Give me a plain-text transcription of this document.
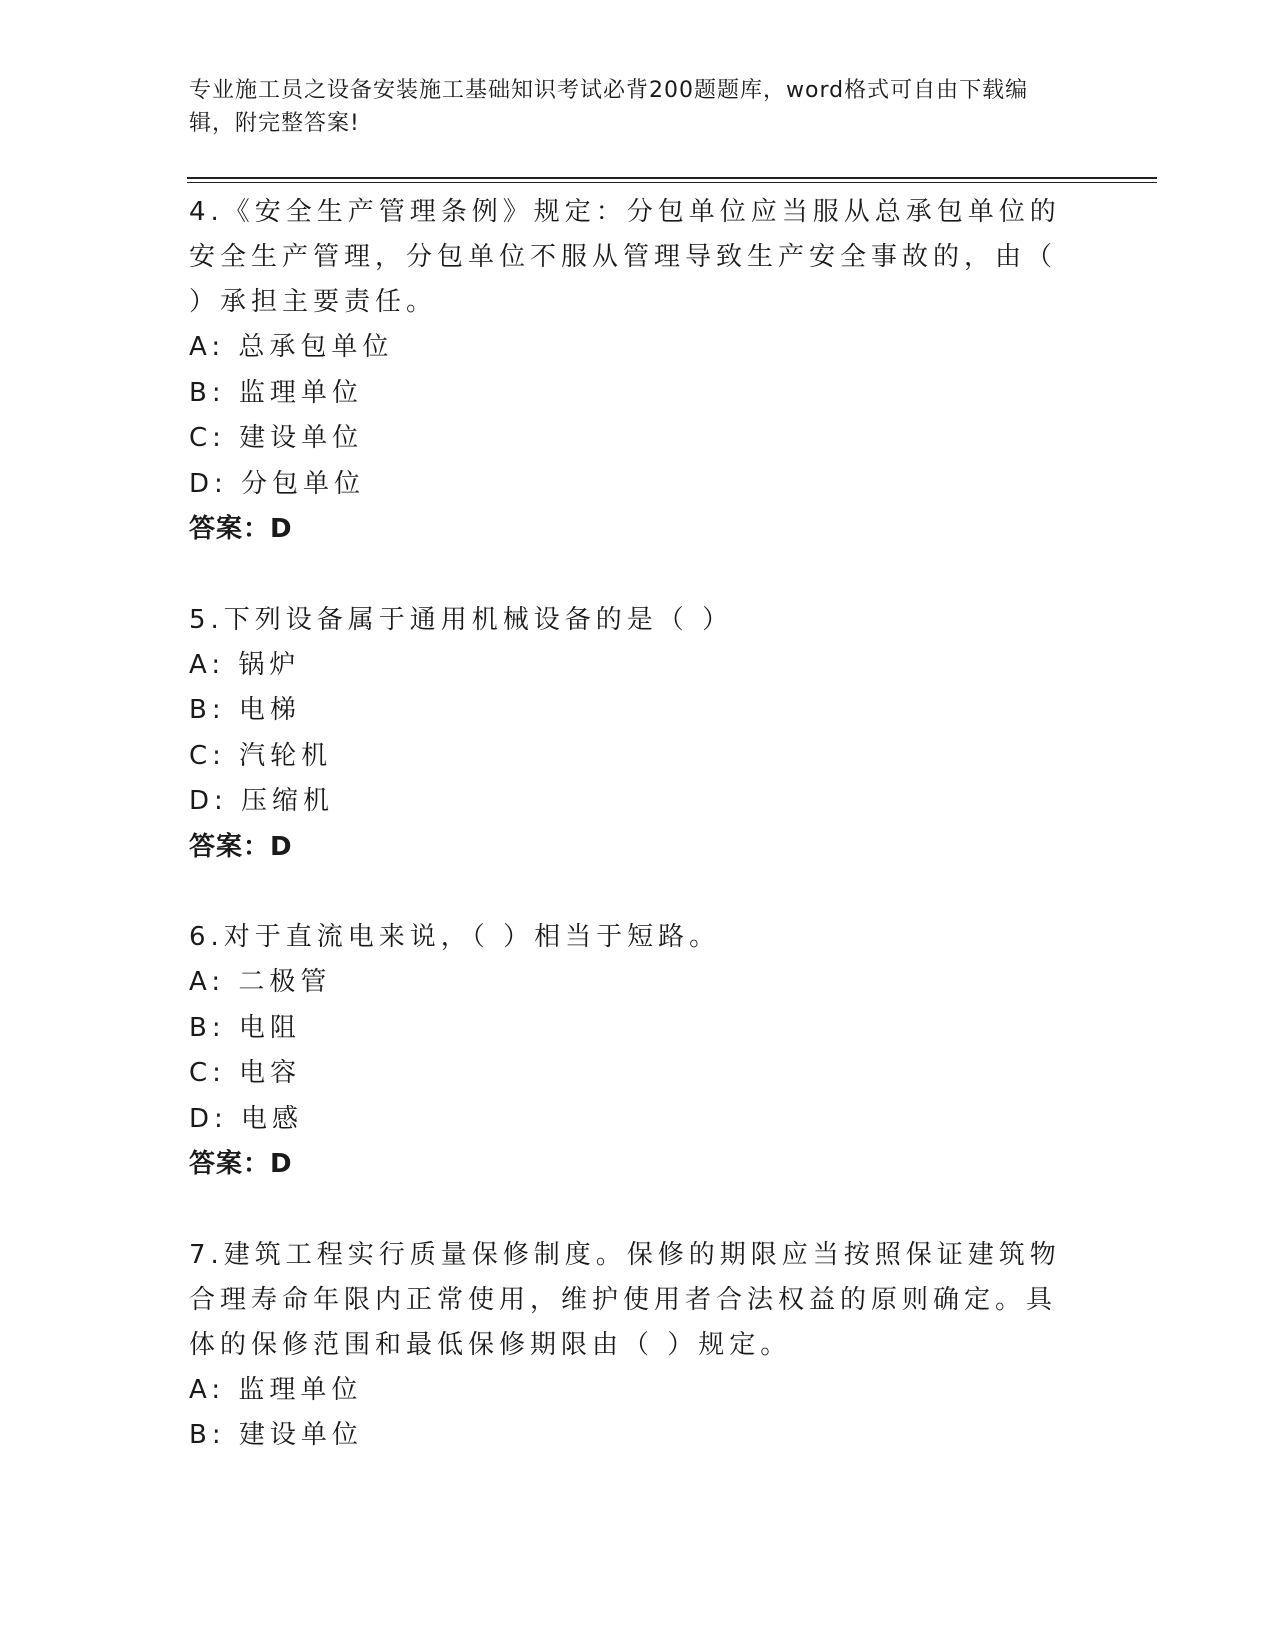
专业施工员之设备安装施工基础知识考试必背200题题库，word格式可自由下载编辑，附完整答案!
4.《安全生产管理条例》规定：分包单位应当服从总承包单位的安全生产管理，分包单位不服从管理导致生产安全事故的，由（ ）承担主要责任。
A: 总承包单位
B: 监理单位
C: 建设单位
D: 分包单位
答案：D
5.下列设备属于通用机械设备的是（ ）
A: 锅炉
B: 电梯
C: 汽轮机
D: 压缩机
答案：D
6.对于直流电来说，（ ）相当于短路。
A: 二极管
B: 电阻
C: 电容
D: 电感
答案：D
7.建筑工程实行质量保修制度。保修的期限应当按照保证建筑物合理寿命年限内正常使用，维护使用者合法权益的原则确定。具体的保修范围和最低保修期限由（ ）规定。
A: 监理单位
B: 建设单位
